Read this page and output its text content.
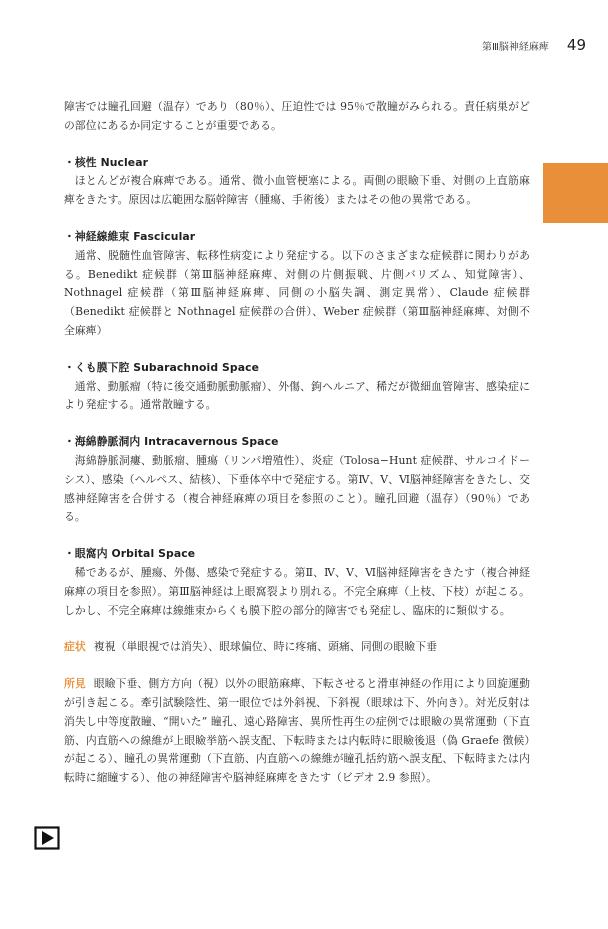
第Ⅲ脳神経麻痺 49

障害では瞳孔回避（温存）であり（80％）、圧迫性では 95％で散瞳がみられる。責任病巣がどの部位にあるか同定することが重要である。

・核性 Nuclear

ほとんどが複合麻痺である。通常、微小血管梗塞による。両側の眼瞼下垂、対側の上直筋麻痺をきたす。原因は広範囲な脳幹障害（腫瘍、手術後）またはその他の異常である。

・神経線維束 Fascicular

通常、脱髄性血管障害、転移性病変により発症する。以下のさまざまな症候群に関わりがある。Benedikt 症候群（第Ⅲ脳神経麻痺、対側の片側振戦、片側バリズム、知覚障害）、Nothnagel 症候群（第Ⅲ脳神経麻痺、同側の小脳失調、測定異常）、Claude 症候群（Benedikt 症候群と Nothnagel 症候群の合併）、Weber 症候群（第Ⅲ脳神経麻痺、対側不全麻痺）

・くも膜下腔 Subarachnoid Space

通常、動脈瘤（特に後交通動脈動脈瘤）、外傷、鉤ヘルニア、稀だが微細血管障害、感染症により発症する。通常散瞳する。

・海綿静脈洞内 Intracavernous Space

海綿静脈洞瘻、動脈瘤、腫瘍（リンパ増殖性）、炎症（Tolosa−Hunt 症候群、サルコイドーシス）、感染（ヘルペス、結核）、下垂体卒中で発症する。第Ⅳ、Ⅴ、Ⅵ脳神経障害をきたし、交感神経障害を合併する（複合神経麻痺の項目を参照のこと）。瞳孔回避（温存）（90％）である。

・眼窩内 Orbital Space

稀であるが、腫瘍、外傷、感染で発症する。第Ⅱ、Ⅳ、Ⅴ、Ⅵ脳神経障害をきたす（複合神経麻痺の項目を参照）。第Ⅲ脳神経は上眼窩裂より別れる。不完全麻痺（上枝、下枝）が起こる。しかし、不完全麻痺は線維束からくも膜下腔の部分的障害でも発症し、臨床的に類似する。

症状 複視（単眼視では消失）、眼球偏位、時に疼痛、頭痛、同側の眼瞼下垂

所見 眼瞼下垂、側方方向（視）以外の眼筋麻痺、下転させると滑車神経の作用により回旋運動が引き起こる。牽引試験陰性、第一眼位では外斜視、下斜視（眼球は下、外向き）。対光反射は消失し中等度散瞳、“開いた” 瞳孔、遠心路障害、異所性再生の症例では眼瞼の異常運動（下直筋、内直筋への線維が上眼瞼挙筋へ誤支配、下転時または内転時に眼瞼後退（偽 Graefe 徴候）が起こる）、瞳孔の異常運動（下直筋、内直筋への線維が瞳孔括約筋へ誤支配、下転時または内転時に縮瞳する）、他の神経障害や脳神経麻痺をきたす（ビデオ 2.9 参照）。
